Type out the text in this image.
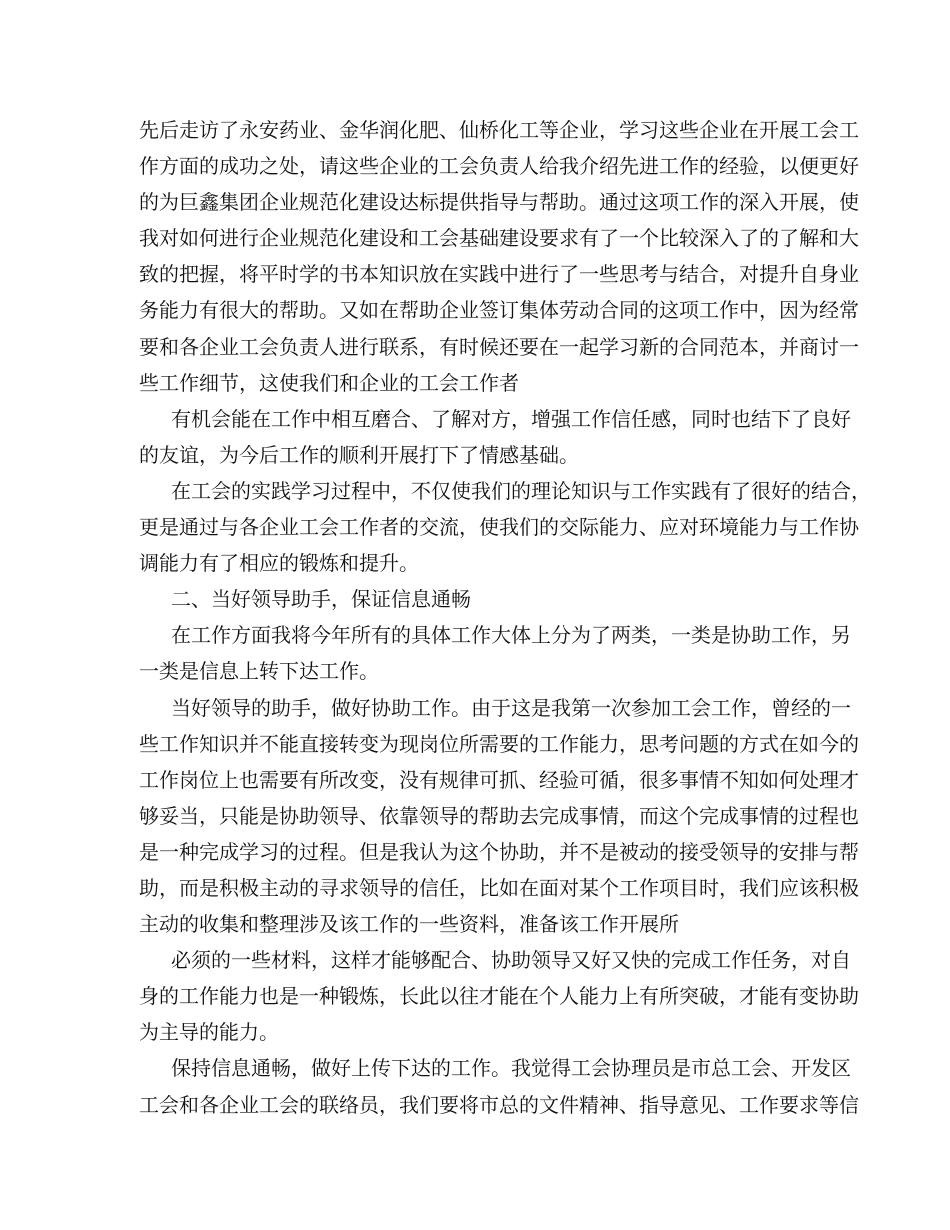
先后走访了永安药业、金华润化肥、仙桥化工等企业，学习这些企业在开展工会工
作方面的成功之处，请这些企业的工会负责人给我介绍先进工作的经验，以便更好
的为巨鑫集团企业规范化建设达标提供指导与帮助。通过这项工作的深入开展，使
我对如何进行企业规范化建设和工会基础建设要求有了一个比较深入了的了解和大
致的把握，将平时学的书本知识放在实践中进行了一些思考与结合，对提升自身业
务能力有很大的帮助。又如在帮助企业签订集体劳动合同的这项工作中，因为经常
要和各企业工会负责人进行联系，有时候还要在一起学习新的合同范本，并商讨一
些工作细节，这使我们和企业的工会工作者
有机会能在工作中相互磨合、了解对方，增强工作信任感，同时也结下了良好
的友谊，为今后工作的顺利开展打下了情感基础。
在工会的实践学习过程中，不仅使我们的理论知识与工作实践有了很好的结合，
更是通过与各企业工会工作者的交流，使我们的交际能力、应对环境能力与工作协
调能力有了相应的锻炼和提升。
二、当好领导助手，保证信息通畅
在工作方面我将今年所有的具体工作大体上分为了两类，一类是协助工作，另
一类是信息上转下达工作。
当好领导的助手，做好协助工作。由于这是我第一次参加工会工作，曾经的一
些工作知识并不能直接转变为现岗位所需要的工作能力，思考问题的方式在如今的
工作岗位上也需要有所改变，没有规律可抓、经验可循，很多事情不知如何处理才
够妥当，只能是协助领导、依靠领导的帮助去完成事情，而这个完成事情的过程也
是一种完成学习的过程。但是我认为这个协助，并不是被动的接受领导的安排与帮
助，而是积极主动的寻求领导的信任，比如在面对某个工作项目时，我们应该积极
主动的收集和整理涉及该工作的一些资料，准备该工作开展所
必须的一些材料，这样才能够配合、协助领导又好又快的完成工作任务，对自
身的工作能力也是一种锻炼，长此以往才能在个人能力上有所突破，才能有变协助
为主导的能力。
保持信息通畅，做好上传下达的工作。我觉得工会协理员是市总工会、开发区
工会和各企业工会的联络员，我们要将市总的文件精神、指导意见、工作要求等信
